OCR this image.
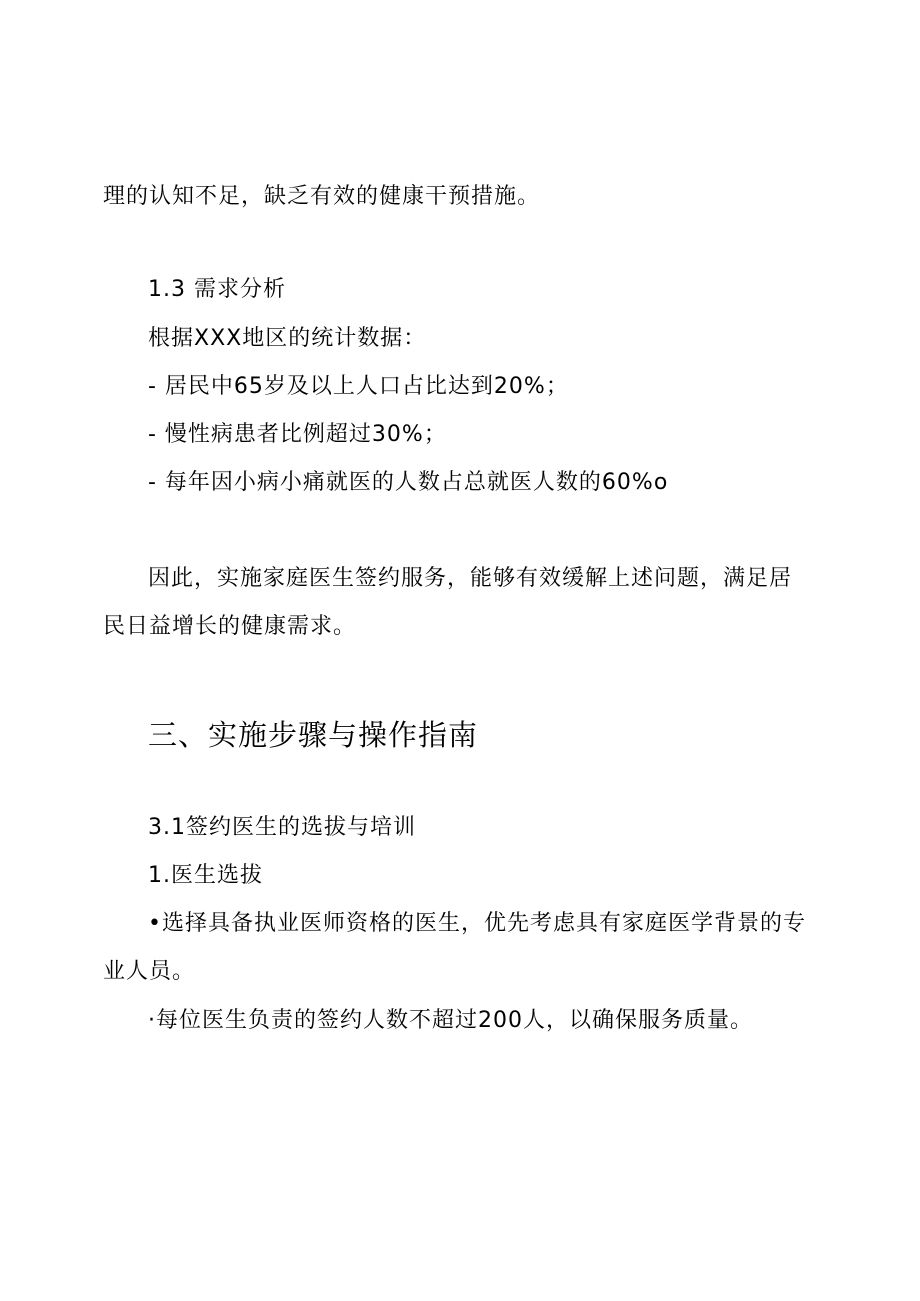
理的认知不足，缺乏有效的健康干预措施。
1.3 需求分析
根据XXX地区的统计数据：
- 居民中65岁及以上人口占比达到20%；
- 慢性病患者比例超过30%；
- 每年因小病小痛就医的人数占总就医人数的60%o
因此，实施家庭医生签约服务，能够有效缓解上述问题，满足居
民日益增长的健康需求。
三、实施步骤与操作指南
3.1签约医生的选拔与培训
1.医生选拔
•选择具备执业医师资格的医生，优先考虑具有家庭医学背景的专
业人员。
·每位医生负责的签约人数不超过200人，以确保服务质量。
